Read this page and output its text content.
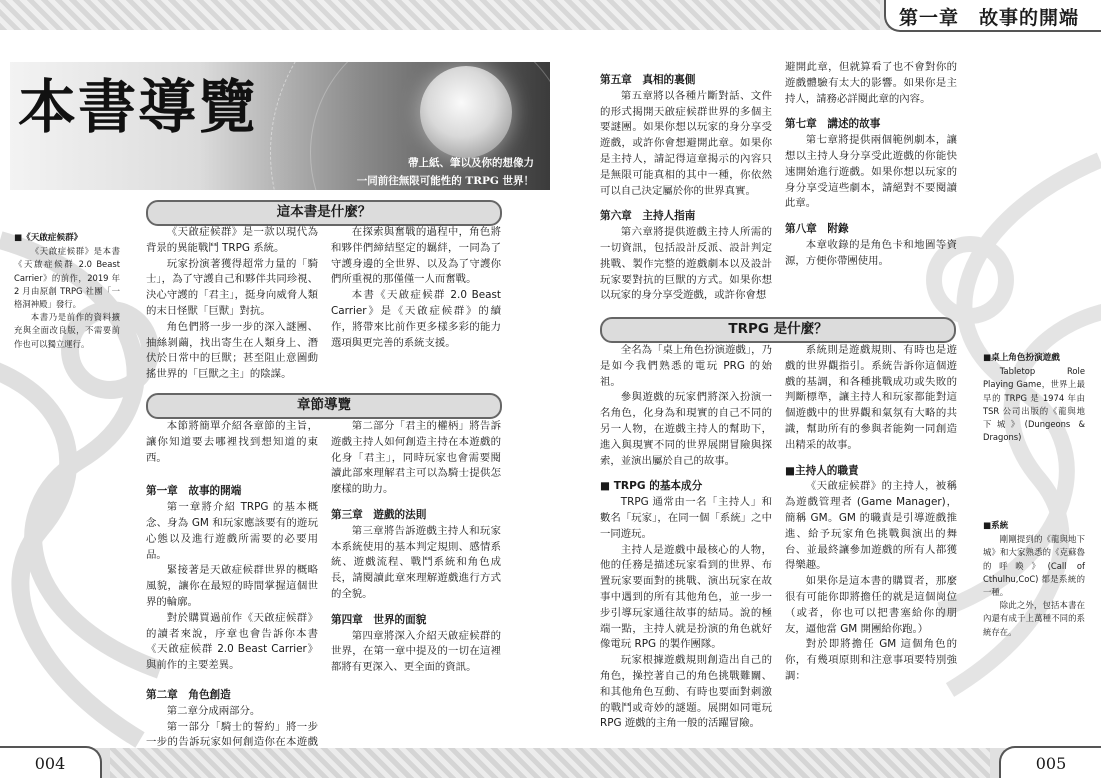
第一章　故事的開端
帶上紙、筆以及你的想像力
一同前往無限可能性的 TRPG 世界！
本書導覽
■《天啟症候群》

《天啟症候群》是本書《天啟症候群 2.0 Beast Carrier》的前作，2019 年 2 月由原創 TRPG 社團「一格洞神殿」發行。

本書乃是前作的資料擴充與全面改良版，不需要前作也可以獨立運行。

這本書是什麼？

《天啟症候群》是一款以現代為背景的異能戰鬥 TRPG 系統。

玩家扮演著獲得超常力量的「騎士」，為了守護自己和夥伴共同珍視、決心守護的「君主」，挺身向威脅人類的末日怪獸「巨獸」對抗。

角色們將一步一步的深入謎團、抽絲剝繭，找出寄生在人類身上、潛伏於日常中的巨獸；甚至阻止意圖動搖世界的「巨獸之主」的陰謀。

在探索與奮戰的過程中，角色將和夥伴們締結堅定的羈絆，一同為了守護身邊的全世界、以及為了守護你們所重視的那僅僅一人而奮戰。

本書《天啟症候群 2.0 Beast Carrier》是《天啟症候群》的續作，將帶來比前作更多樣多彩的能力選項與更完善的系統支援。

章節導覽

本節將簡單介紹各章節的主旨，讓你知道要去哪裡找到想知道的東西。

第一章　故事的開端

第一章將介紹 TRPG 的基本概念、身為 GM 和玩家應該要有的遊玩心態以及進行遊戲所需要的必要用品。

緊接著是天啟症候群世界的概略風貌，讓你在最短的時間掌握這個世界的輪廓。

對於購買過前作《天啟症候群》的讀者來說，序章也會告訴你本書《天啟症候群 2.0 Beast Carrier》與前作的主要差異。

第二章　角色創造

第二章分成兩部分。

第一部分「騎士的誓約」將一步一步的告訴玩家如何創造你在本遊戲

第二部分「君主的權柄」將告訴遊戲主持人如何創造主持在本遊戲的化身「君主」，同時玩家也會需要閱讀此部來理解君主可以為騎士提供怎麼樣的助力。

第三章　遊戲的法則

第三章將告訴遊戲主持人和玩家本系統使用的基本判定規則、感情系統、遊戲流程、戰鬥系統和角色成長，請閱讀此章來理解遊戲進行方式的全貌。

第四章　世界的面貌

第四章將深入介紹天啟症候群的世界，在第一章中提及的一切在這裡都將有更深入、更全面的資訊。

第五章　真相的裏側

第五章將以各種片斷對話、文件的形式揭開天啟症候群世界的多個主要謎團。如果你想以玩家的身分享受遊戲，或許你會想避開此章。如果你是主持人，請記得這章揭示的內容只是無限可能真相的其中一種，你依然可以自己決定屬於你的世界真實。

第六章　主持人指南

第六章將提供遊戲主持人所需的一切資訊，包括設計反派、設計判定挑戰、製作完整的遊戲劇本以及設計玩家要對抗的巨獸的方式。如果你想以玩家的身分享受遊戲，或許你會想

避開此章，但就算看了也不會對你的遊戲體驗有太大的影響。如果你是主持人，請務必詳閱此章的內容。

第七章　講述的故事

第七章將提供兩個範例劇本，讓想以主持人身分享受此遊戲的你能快速開始進行遊戲。如果你想以玩家的身分享受這些劇本，請絕對不要閱讀此章。

第八章　附錄

本章收錄的是角色卡和地圖等資源，方便你帶團使用。

TRPG 是什麼？

全名為「桌上角色扮演遊戲」，乃是如今我們熟悉的電玩 PRG 的始祖。

參與遊戲的玩家們將深入扮演一名角色，化身為和現實的自己不同的另一人物，在遊戲主持人的幫助下，進入與現實不同的世界展開冒險與探索，並演出屬於自己的故事。

■ TRPG 的基本成分

TRPG 通常由一名「主持人」和數名「玩家」，在同一個「系統」之中一同遊玩。

主持人是遊戲中最核心的人物，他的任務是描述玩家看到的世界、布置玩家要面對的挑戰、演出玩家在故事中遇到的所有其他角色，並一步一步引導玩家通往故事的結局。說的極端一點，主持人就是扮演的角色就好像電玩 RPG 的製作團隊。

玩家根據遊戲規則創造出自己的角色，操控著自己的角色挑戰難關、和其他角色互動、有時也要面對刺激的戰鬥或奇妙的謎題。展開如同電玩 RPG 遊戲的主角一般的活躍冒險。

系統則是遊戲規則、有時也是遊戲的世界觀指引。系統告訴你這個遊戲的基調，和各種挑戰成功或失敗的判斷標準，讓主持人和玩家都能對這個遊戲中的世界觀和氣氛有大略的共識，幫助所有的參與者能夠一同創造出精采的故事。

■主持人的職責

《天啟症候群》的主持人，被稱為遊戲管理者 (Game Manager)，簡稱 GM。GM 的職責是引導遊戲推進、給予玩家角色挑戰與演出的舞台、並最終讓參加遊戲的所有人都獲得樂趣。

如果你是這本書的購買者，那麼很有可能你即將擔任的就是這個崗位（或者，你也可以把書塞給你的朋友，逼他當 GM 開團給你跑。）

對於即將擔任 GM 這個角色的你，有幾項原則和注意事項要特別強調：

■桌上角色扮演遊戲

Tabletop Role Playing Game，世界上最早的 TRPG 是 1974 年由 TSR 公司出版的《龍與地下城》(Dungeons & Dragons)

■系統

剛剛提到的《龍與地下城》和大家熟悉的《克蘇魯的呼喚》(Call of Cthulhu,CoC) 都是系統的一種。

除此之外，包括本書在內還有成千上萬種不同的系統存在。

004	005
